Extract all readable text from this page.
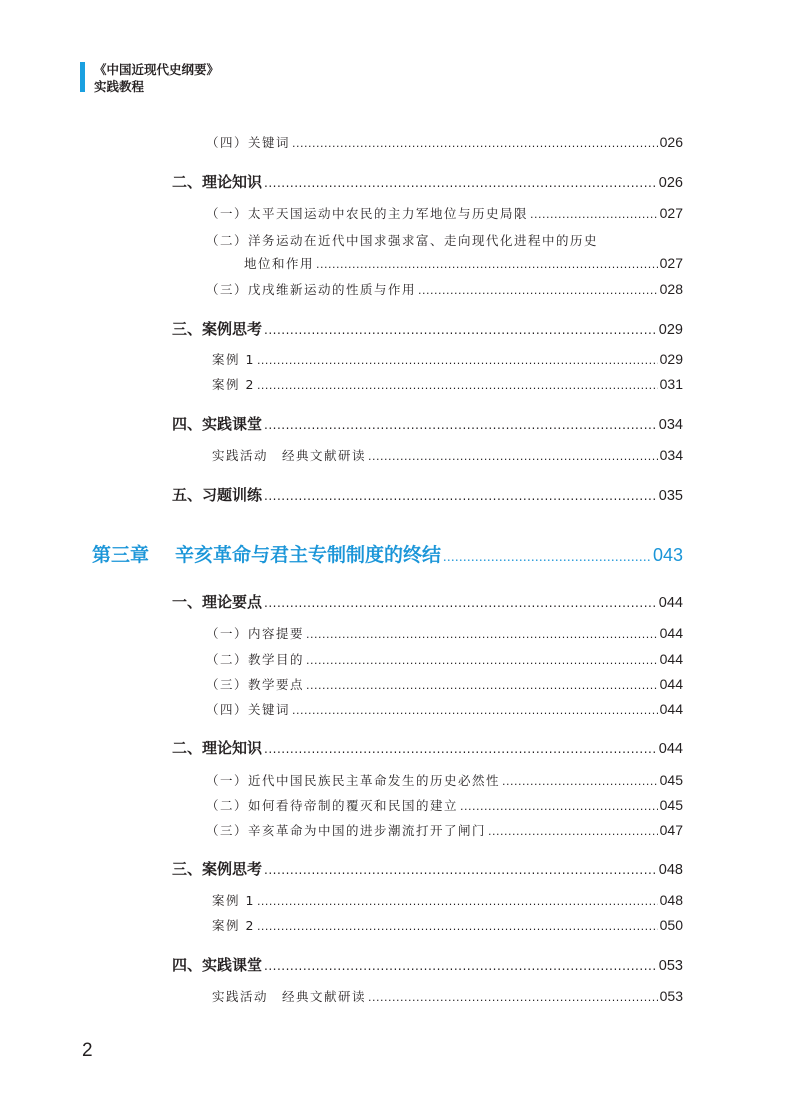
《中国近现代史纲要》
实践教程
（四）关键词 .....	026
二、理论知识 .....	026
（一）太平天国运动中农民的主力军地位与历史局限 .....	027
（二）洋务运动在近代中国求强求富、走向现代化进程中的历史
地位和作用 .....	027
（三）戊戌维新运动的性质与作用 .....	028
三、案例思考 .....	029
案例 1 .....	029
案例 2 .....	031
四、实践课堂 .....	034
实践活动　经典文献研读 .....	034
五、习题训练 .....	035
第三章 辛亥革命与君主专制制度的终结 .....	043
一、理论要点 .....	044
（一）内容提要 .....	044
（二）教学目的 .....	044
（三）教学要点 .....	044
（四）关键词 .....	044
二、理论知识 .....	044
（一）近代中国民族民主革命发生的历史必然性 .....	045
（二）如何看待帝制的覆灭和民国的建立 .....	045
（三）辛亥革命为中国的进步潮流打开了闸门 .....	047
三、案例思考 .....	048
案例 1 .....	048
案例 2 .....	050
四、实践课堂 .....	053
实践活动　经典文献研读 .....	053
2
